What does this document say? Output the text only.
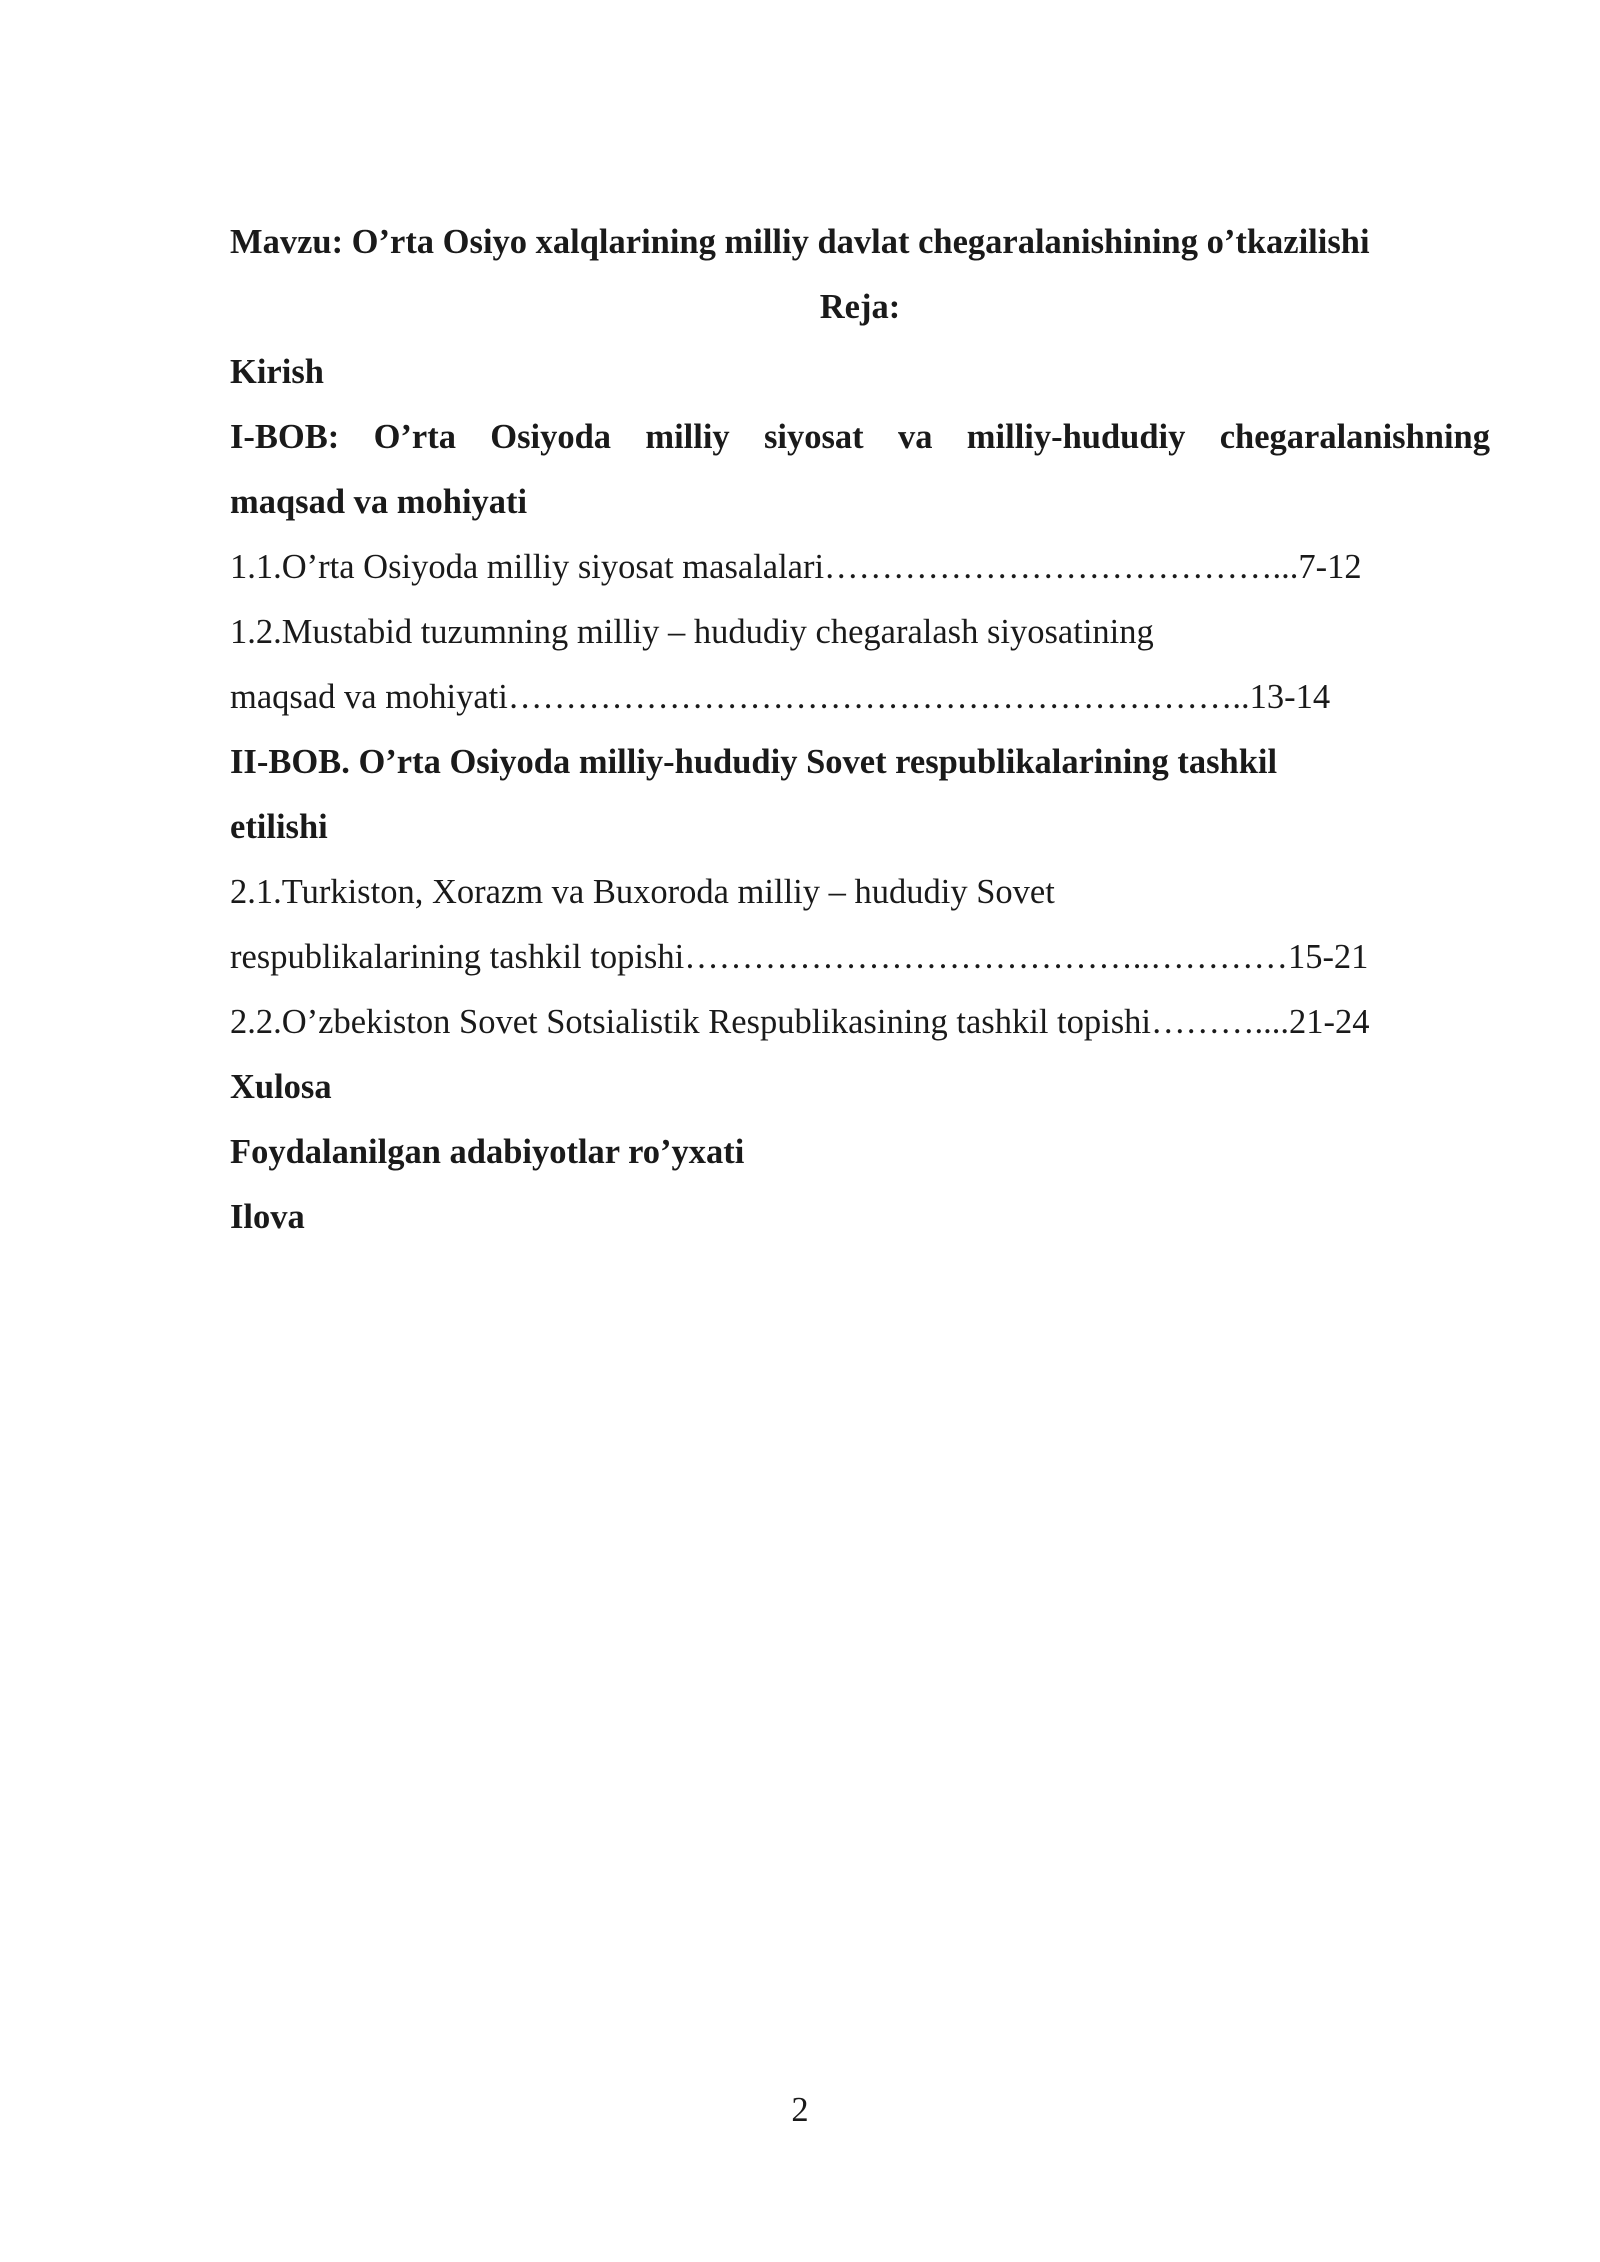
Mavzu: O’rta Osiyo xalqlarining milliy davlat chegaralanishining o’tkazilishi
Reja:
Kirish
I-BOB: O’rta Osiyoda milliy siyosat va milliy-hududiy chegaralanishning
maqsad va mohiyati
1.1.O’rta Osiyoda milliy siyosat masalalari…………………………………...7-12
1.2.Mustabid tuzumning milliy – hududiy chegaralash siyosatining
maqsad va mohiyati………………………………………………………..13-14
II-BOB. O’rta Osiyoda milliy-hududiy Sovet respublikalarining tashkil
etilishi
2.1.Turkiston, Xorazm va Buxoroda milliy – hududiy Sovet
respublikalarining tashkil topishi…………………………………..…………15-21
2.2.O’zbekiston Sovet Sotsialistik Respublikasining tashkil topishi………....21-24
Xulosa
Foydalanilgan adabiyotlar ro’yxati
Ilova
2
